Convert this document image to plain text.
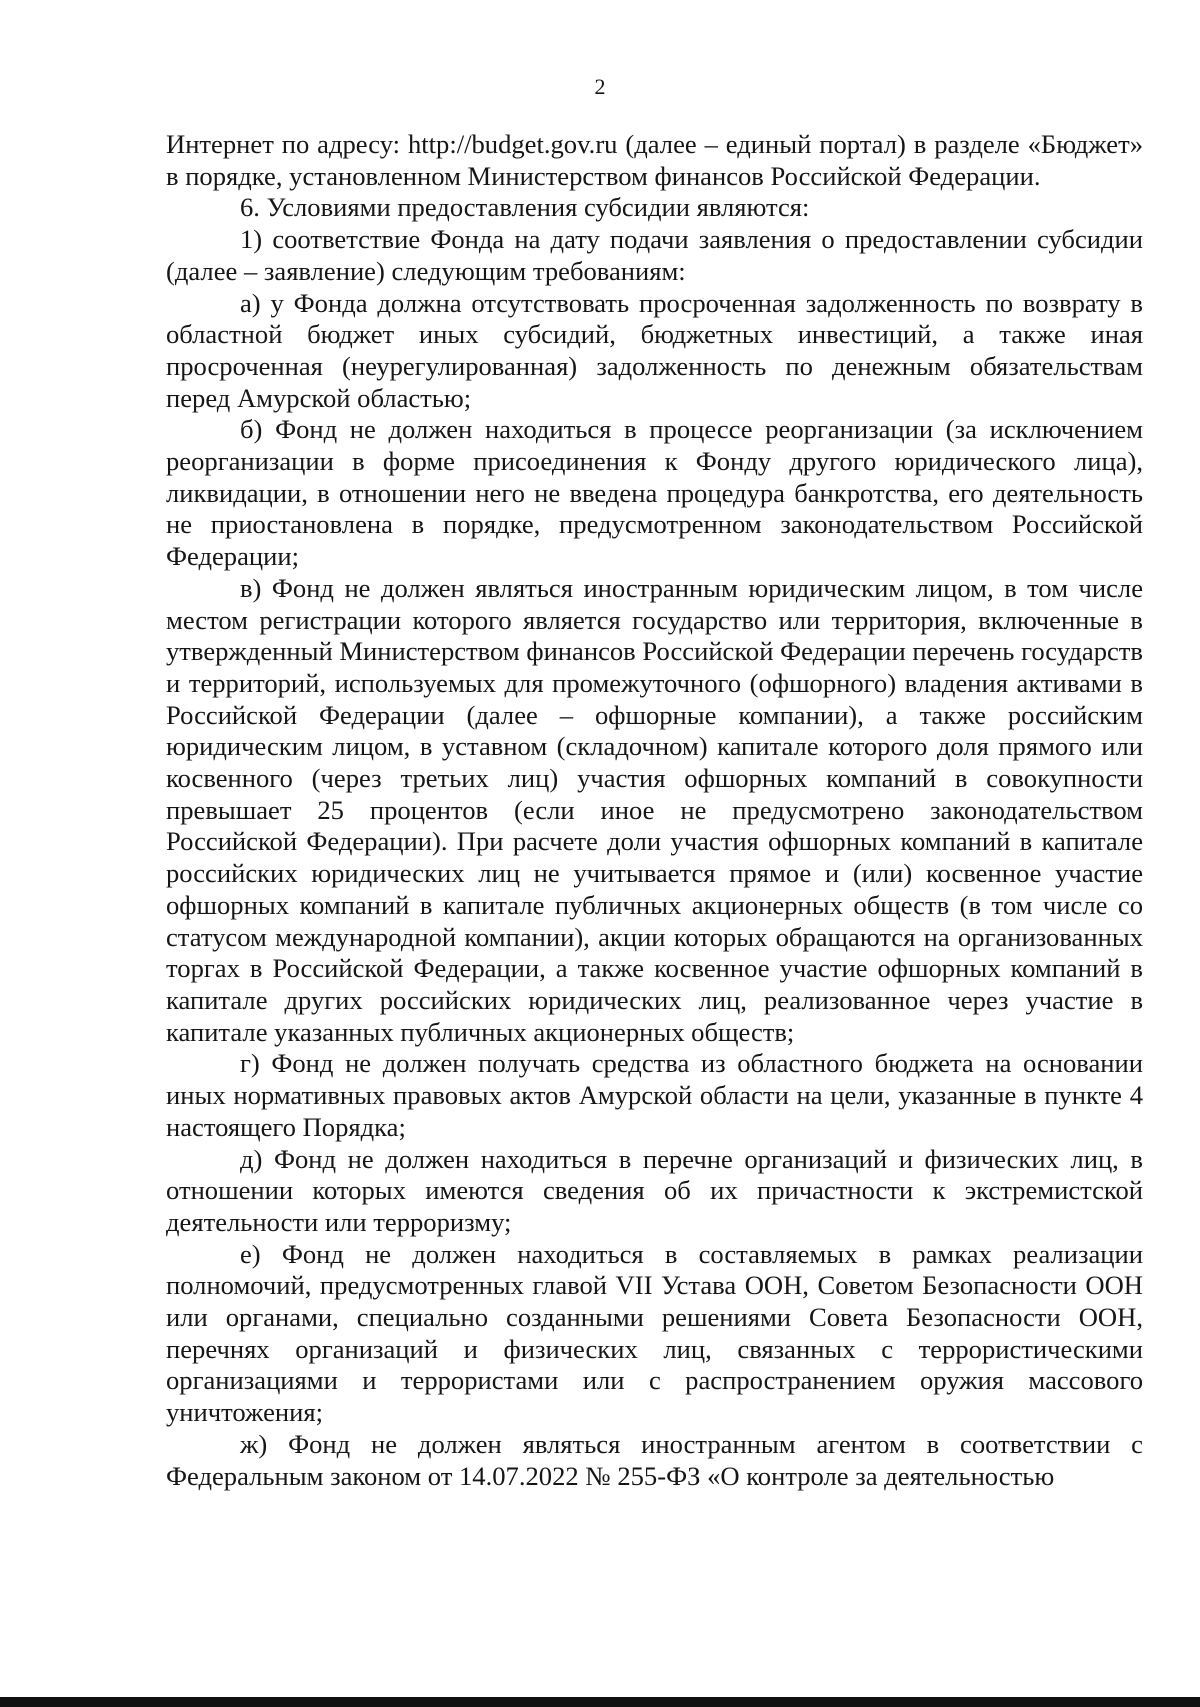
2

Интернет по адресу: http://budget.gov.ru (далее – единый портал) в разделе «Бюджет» в порядке, установленном Министерством финансов Российской Федерации.

6. Условиями предоставления субсидии являются:

1) соответствие Фонда на дату подачи заявления о предоставлении субсидии (далее – заявление) следующим требованиям:

а) у Фонда должна отсутствовать просроченная задолженность по возврату в областной бюджет иных субсидий, бюджетных инвестиций, а также иная просроченная (неурегулированная) задолженность по денежным обязательствам перед Амурской областью;

б) Фонд не должен находиться в процессе реорганизации (за исключением реорганизации в форме присоединения к Фонду другого юридического лица), ликвидации, в отношении него не введена процедура банкротства, его деятельность не приостановлена в порядке, предусмотренном законодательством Российской Федерации;

в) Фонд не должен являться иностранным юридическим лицом, в том числе местом регистрации которого является государство или территория, включенные в утвержденный Министерством финансов Российской Федерации перечень государств и территорий, используемых для промежуточного (офшорного) владения активами в Российской Федерации (далее – офшорные компании), а также российским юридическим лицом, в уставном (складочном) капитале которого доля прямого или косвенного (через третьих лиц) участия офшорных компаний в совокупности превышает 25 процентов (если иное не предусмотрено законодательством Российской Федерации). При расчете доли участия офшорных компаний в капитале российских юридических лиц не учитывается прямое и (или) косвенное участие офшорных компаний в капитале публичных акционерных обществ (в том числе со статусом международной компании), акции которых обращаются на организованных торгах в Российской Федерации, а также косвенное участие офшорных компаний в капитале других российских юридических лиц, реализованное через участие в капитале указанных публичных акционерных обществ;

г) Фонд не должен получать средства из областного бюджета на основании иных нормативных правовых актов Амурской области на цели, указанные в пункте 4 настоящего Порядка;

д) Фонд не должен находиться в перечне организаций и физических лиц, в отношении которых имеются сведения об их причастности к экстремистской деятельности или терроризму;

е) Фонд не должен находиться в составляемых в рамках реализации полномочий, предусмотренных главой VII Устава ООН, Советом Безопасности ООН или органами, специально созданными решениями Совета Безопасности ООН, перечнях организаций и физических лиц, связанных с террористическими организациями и террористами или с распространением оружия массового уничтожения;

ж) Фонд не должен являться иностранным агентом в соответствии с Федеральным законом от 14.07.2022 № 255-ФЗ «О контроле за деятельностью
